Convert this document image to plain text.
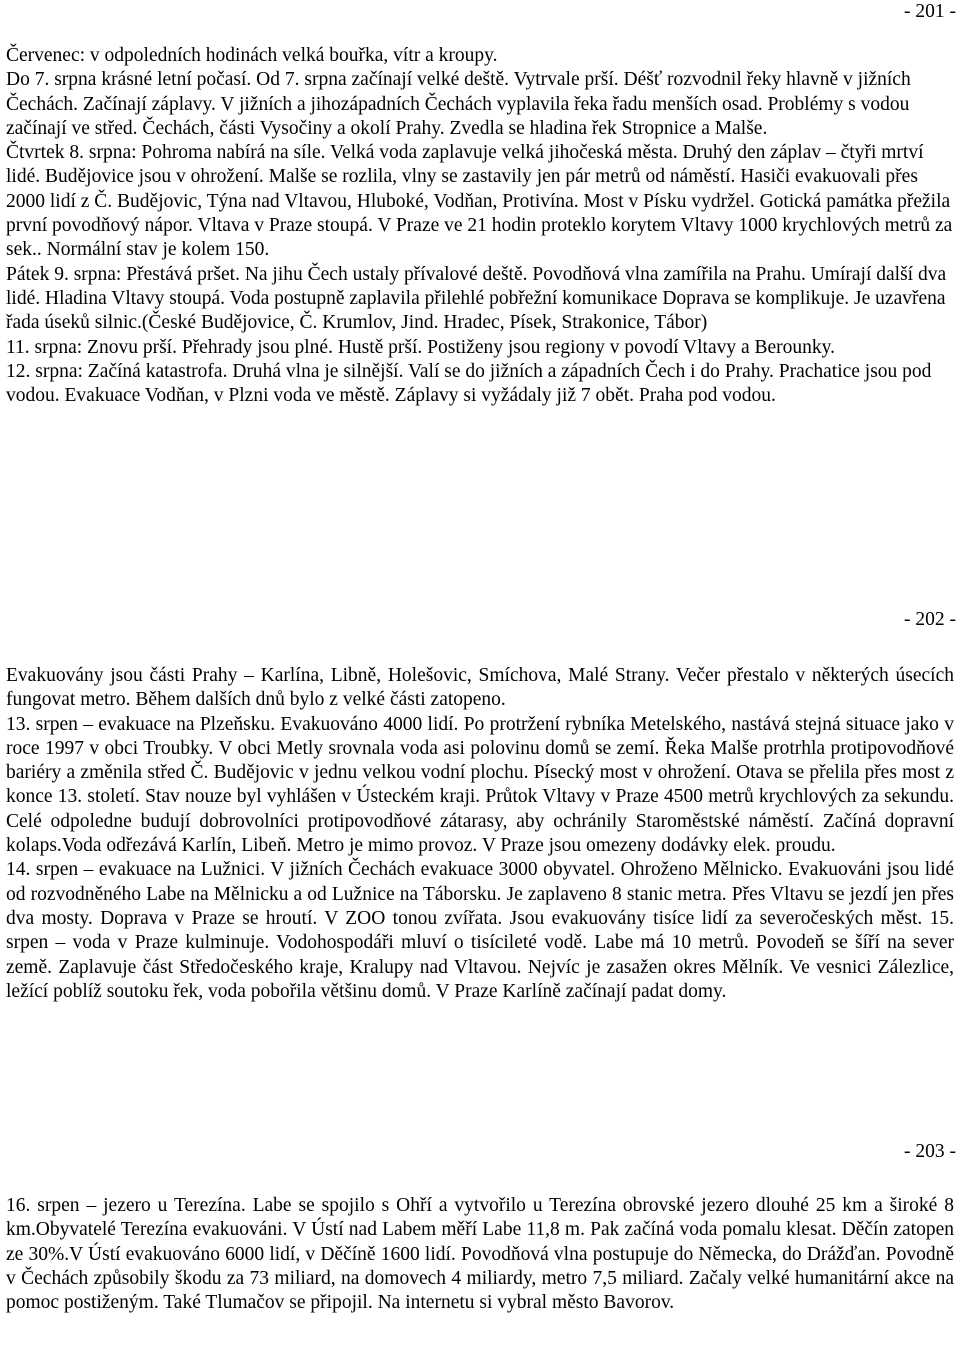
- 201 -

Červenec: v odpoledních hodinách velká bouřka, vítr a kroupy.

Do 7. srpna krásné letní počasí. Od 7. srpna začínají velké deště. Vytrvale prší. Déšť rozvodnil řeky hlavně v jižních Čechách. Začínají záplavy. V jižních a jihozápadních Čechách vyplavila řeka řadu menších osad. Problémy s vodou začínají ve střed. Čechách, části Vysočiny a okolí Prahy. Zvedla se hladina řek Stropnice a Malše.

Čtvrtek 8. srpna: Pohroma nabírá na síle. Velká voda zaplavuje velká jihočeská města. Druhý den záplav – čtyři mrtví lidé. Budějovice jsou v ohrožení. Malše se rozlila, vlny se zastavily jen pár metrů od náměstí. Hasiči evakuovali přes 2000 lidí z Č. Budějovic, Týna nad Vltavou, Hluboké, Vodňan, Protivína. Most v Písku vydržel. Gotická památka přežila první povodňový nápor. Vltava v Praze stoupá. V Praze ve 21 hodin proteklo korytem Vltavy 1000 krychlových metrů za sek.. Normální stav je kolem 150.

Pátek 9. srpna: Přestává pršet. Na jihu Čech ustaly přívalové deště. Povodňová vlna zamířila na Prahu. Umírají další dva lidé. Hladina Vltavy stoupá. Voda postupně zaplavila přilehlé pobřežní komunikace Doprava se komplikuje. Je uzavřena řada úseků silnic.(České Budějovice, Č. Krumlov, Jind. Hradec, Písek, Strakonice, Tábor)

11. srpna: Znovu prší. Přehrady jsou plné. Hustě prší. Postiženy jsou regiony v povodí Vltavy a Berounky.

12. srpna: Začíná katastrofa. Druhá vlna je silnější. Valí se do jižních a západních Čech i do Prahy. Prachatice jsou pod vodou. Evakuace Vodňan, v Plzni voda ve městě. Záplavy si vyžádaly již 7 obět. Praha pod vodou.

- 202 -

Evakuovány jsou části Prahy – Karlína, Libně, Holešovic, Smíchova, Malé Strany. Večer přestalo v některých úsecích fungovat metro. Během dalších dnů bylo z velké části zatopeno.

13. srpen – evakuace na Plzeňsku. Evakuováno 4000 lidí. Po protržení rybníka Metelského, nastává stejná situace jako v roce 1997 v obci Troubky. V obci Metly srovnala voda asi polovinu domů se zemí. Řeka Malše protrhla protipovodňové bariéry a změnila střed Č. Budějovic v jednu velkou vodní plochu. Písecký most v ohrožení. Otava se přelila přes most z konce 13. století. Stav nouze byl vyhlášen v Ústeckém kraji. Průtok Vltavy v Praze 4500 metrů krychlových za sekundu. Celé odpoledne budují dobrovolníci protipovodňové zátarasy, aby ochránily Staroměstské náměstí. Začíná dopravní kolaps.Voda odřezává Karlín, Libeň. Metro je mimo provoz. V Praze jsou omezeny dodávky elek. proudu.

14. srpen – evakuace na Lužnici. V jižních Čechách evakuace 3000 obyvatel. Ohroženo Mělnicko. Evakuováni jsou lidé od rozvodněného Labe na Mělnicku a od Lužnice na Táborsku. Je zaplaveno 8 stanic metra. Přes Vltavu se jezdí jen přes dva mosty. Doprava v Praze se hroutí. V ZOO tonou zvířata. Jsou evakuovány tisíce lidí za severočeských měst. 15. srpen – voda v Praze kulminuje. Vodohospodáři mluví o tisícileté vodě. Labe má 10 metrů. Povodeň se šíří na sever země. Zaplavuje část Středočeského kraje, Kralupy nad Vltavou. Nejvíc je zasažen okres Mělník. Ve vesnici Zálezlice, ležící poblíž soutoku řek, voda pobořila většinu domů. V Praze Karlíně začínají padat domy.

- 203 -

16. srpen – jezero u Terezína. Labe se spojilo s Ohří a vytvořilo u Terezína obrovské jezero dlouhé 25 km a široké 8 km.Obyvatelé Terezína evakuováni. V Ústí nad Labem měří Labe 11,8 m. Pak začíná voda pomalu klesat. Děčín zatopen ze 30%.V Ústí evakuováno 6000 lidí, v Děčíně 1600 lidí. Povodňová vlna postupuje do Německa, do Drážďan. Povodně v Čechách způsobily škodu za 73 miliard, na domovech 4 miliardy, metro 7,5 miliard. Začaly velké humanitární akce na pomoc postiženým. Také Tlumačov se připojil. Na internetu si vybral město Bavorov.
